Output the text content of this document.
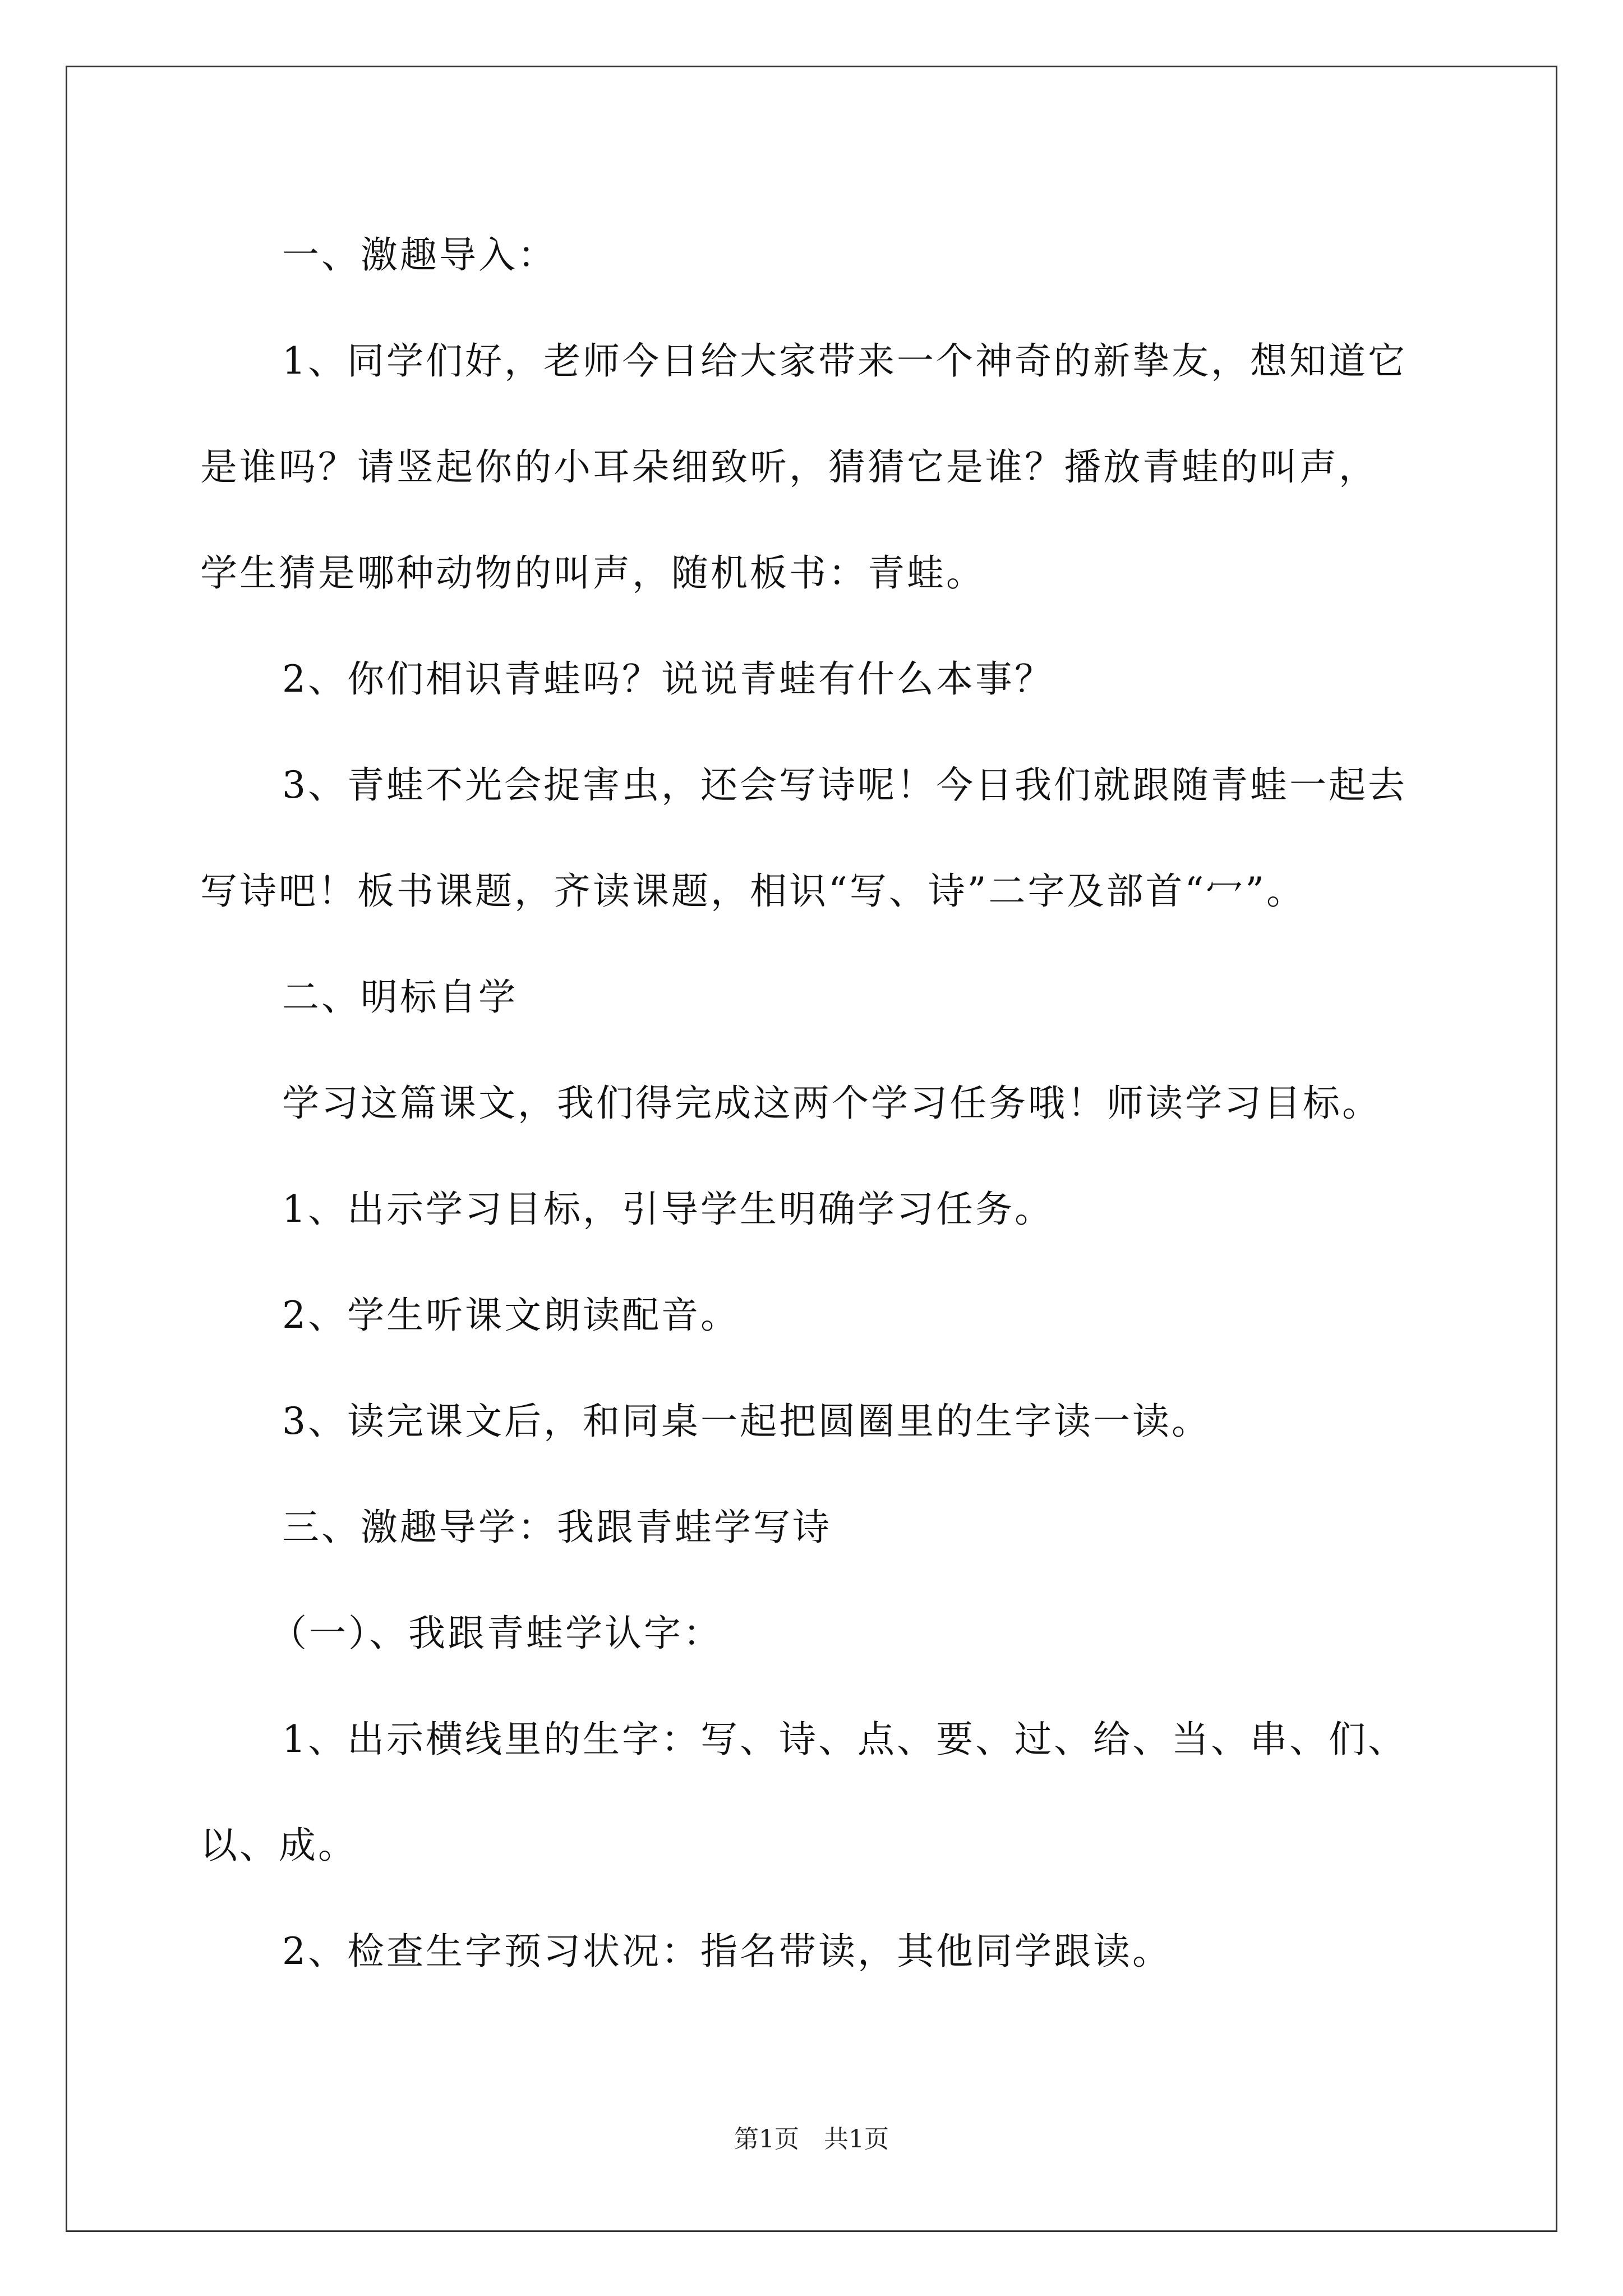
一、激趣导入：
1、同学们好，老师今日给大家带来一个神奇的新挚友，想知道它
是谁吗？请竖起你的小耳朵细致听，猜猜它是谁？播放青蛙的叫声，
学生猜是哪种动物的叫声，随机板书：青蛙。
2、你们相识青蛙吗？说说青蛙有什么本事？
3、青蛙不光会捉害虫，还会写诗呢！今日我们就跟随青蛙一起去
写诗吧！板书课题，齐读课题，相识“写、诗”二字及部首“冖”。
二、明标自学
学习这篇课文，我们得完成这两个学习任务哦！师读学习目标。
1、出示学习目标，引导学生明确学习任务。
2、学生听课文朗读配音。
3、读完课文后，和同桌一起把圆圈里的生字读一读。
三、激趣导学：我跟青蛙学写诗
（一）、我跟青蛙学认字：
1、出示横线里的生字：写、诗、点、要、过、给、当、串、们、
以、成。
2、检查生字预习状况：指名带读，其他同学跟读。
第1页　共1页
